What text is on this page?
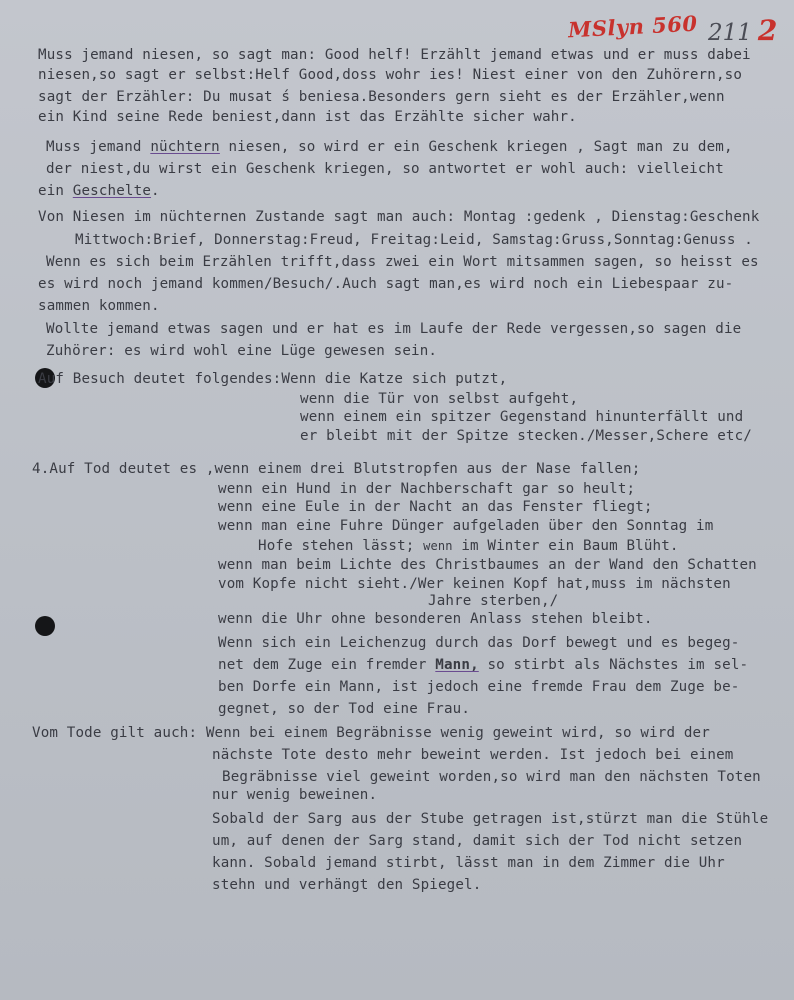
MSlyn 560 211 2
Muss jemand niesen, so sagt man: Good helf! Erzählt jemand etwas und er muss dabei
niesen,so sagt er selbst:Helf Good,doss wohr ies! Niest einer von den Zuhörern,so
sagt der Erzähler: Du musat ś beniesa.Besonders gern sieht es der Erzähler,wenn
ein Kind seine Rede beniest,dann ist das Erzählte sicher wahr.
Muss jemand nüchtern niesen, so wird er ein Geschenk kriegen , Sagt man zu dem,
der niest,du wirst ein Geschenk kriegen, so antwortet er wohl auch: vielleicht
ein Geschelte.
Von Niesen im nüchternen Zustande sagt man auch: Montag :gedenk , Dienstag:Geschenk
Mittwoch:Brief, Donnerstag:Freud, Freitag:Leid, Samstag:Gruss,Sonntag:Genuss .
Wenn es sich beim Erzählen trifft,dass zwei ein Wort mitsammen sagen, so heisst es
es wird noch jemand kommen/Besuch/.Auch sagt man,es wird noch ein Liebespaar zu-
sammen kommen.
Wollte jemand etwas sagen und er hat es im Laufe der Rede vergessen,so sagen die
Zuhörer: es wird wohl eine Lüge gewesen sein.
Auf Besuch deutet folgendes:Wenn die Katze sich putzt,
wenn die Tür von selbst aufgeht,
wenn einem ein spitzer Gegenstand hinunterfällt und
er bleibt mit der Spitze stecken./Messer,Schere etc/
4.Auf Tod deutet es ,wenn einem drei Blutstropfen aus der Nase fallen;
wenn ein Hund in der Nachberschaft gar so heult;
wenn eine Eule in der Nacht an das Fenster fliegt;
wenn man eine Fuhre Dünger aufgeladen über den Sonntag im
Hofe stehen lässt; wenn im Winter ein Baum Blüht.
wenn man beim Lichte des Christbaumes an der Wand den Schatten
vom Kopfe nicht sieht./Wer keinen Kopf hat,muss im nächsten
Jahre sterben,/
wenn die Uhr ohne besonderen Anlass stehen bleibt.
Wenn sich ein Leichenzug durch das Dorf bewegt und es begeg-
net dem Zuge ein fremder Mann, so stirbt als Nächstes im sel-
ben Dorfe ein Mann, ist jedoch eine fremde Frau dem Zuge be-
gegnet, so der Tod eine Frau.
Vom Tode gilt auch: Wenn bei einem Begräbnisse wenig geweint wird, so wird der
nächste Tote desto mehr beweint werden. Ist jedoch bei einem
Begräbnisse viel geweint worden,so wird man den nächsten Toten
nur wenig beweinen.
Sobald der Sarg aus der Stube getragen ist,stürzt man die Stühle
um, auf denen der Sarg stand, damit sich der Tod nicht setzen
kann. Sobald jemand stirbt, lässt man in dem Zimmer die Uhr
stehn und verhängt den Spiegel.
